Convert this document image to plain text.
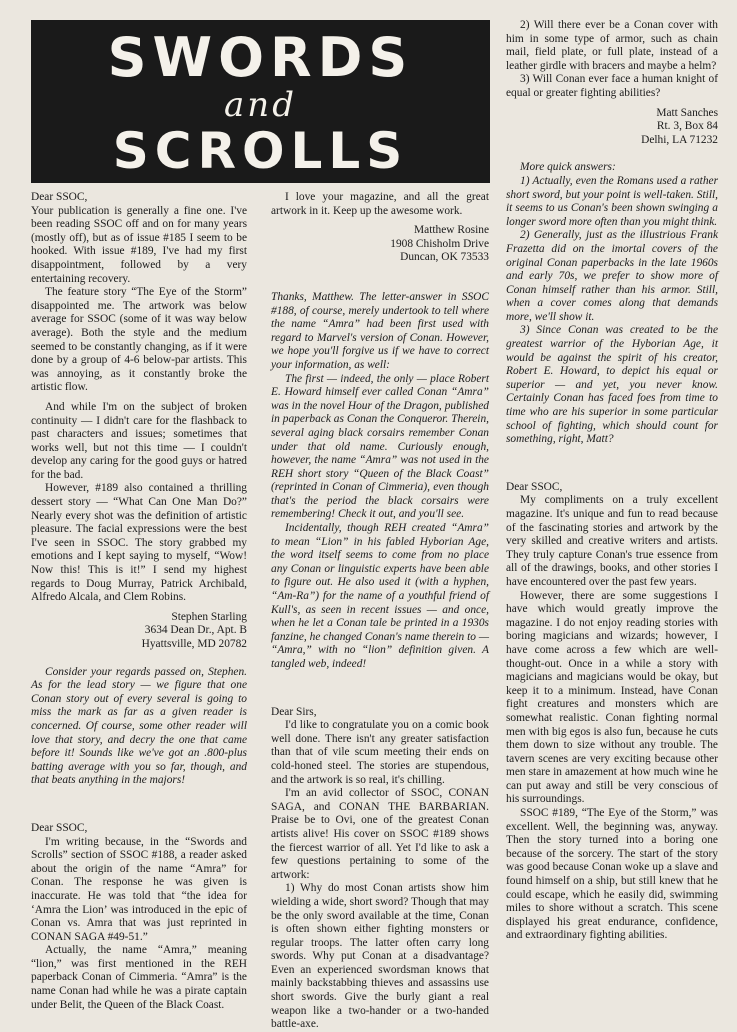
SWORDS
and
SCROLLS

Dear SSOC,

Your publication is generally a fine one. I've been reading SSOC off and on for many years (mostly off), but as of issue #185 I seem to be hooked. With issue #189, I've had my first disappointment, followed by a very entertaining recovery.

The feature story “The Eye of the Storm” disappointed me. The artwork was below average for SSOC (some of it was way below average). Both the style and the medium seemed to be constantly changing, as if it were done by a group of 4-6 below-par artists. This was annoying, as it constantly broke the artistic flow.

And while I'm on the subject of broken continuity — I didn't care for the flashback to past characters and issues; sometimes that works well, but not this time — I couldn't develop any caring for the good guys or hatred for the bad.

However, #189 also contained a thrilling dessert story — “What Can One Man Do?” Nearly every shot was the definition of artistic pleasure. The facial expressions were the best I've seen in SSOC. The story grabbed my emotions and I kept saying to myself, “Wow! Now this! This is it!” I send my highest regards to Doug Murray, Patrick Archibald, Alfredo Alcala, and Clem Robins.

Stephen Starling
3634 Dean Dr., Apt. B
Hyattsville, MD 20782

Consider your regards passed on, Stephen. As for the lead story — we figure that one Conan story out of every several is going to miss the mark as far as a given reader is concerned. Of course, some other reader will love that story, and decry the one that came before it! Sounds like we've got an .800-plus batting average with you so far, though, and that beats anything in the majors!

Dear SSOC,

I'm writing because, in the “Swords and Scrolls” section of SSOC #188, a reader asked about the origin of the name “Amra” for Conan. The response he was given is inaccurate. He was told that “the idea for ‘Amra the Lion’ was introduced in the epic of Conan vs. Amra that was just reprinted in CONAN SAGA #49-51.”

Actually, the name “Amra,” meaning “lion,” was first mentioned in the REH paperback Conan of Cimmeria. “Amra” is the name Conan had while he was a pirate captain under Belit, the Queen of the Black Coast.

I love your magazine, and all the great artwork in it. Keep up the awesome work.

Matthew Rosine
1908 Chisholm Drive
Duncan, OK 73533

Thanks, Matthew. The letter-answer in SSOC #188, of course, merely undertook to tell where the name “Amra” had been first used with regard to Marvel's version of Conan. However, we hope you'll forgive us if we have to correct your information, as well:

The first — indeed, the only — place Robert E. Howard himself ever called Conan “Amra” was in the novel Hour of the Dragon, published in paperback as Conan the Conqueror. Therein, several aging black corsairs remember Conan under that old name. Curiously enough, however, the name “Amra” was not used in the REH short story “Queen of the Black Coast” (reprinted in Conan of Cimmeria), even though that's the period the black corsairs were remembering! Check it out, and you'll see.

Incidentally, though REH created “Amra” to mean “Lion” in his fabled Hyborian Age, the word itself seems to come from no place any Conan or linguistic experts have been able to figure out. He also used it (with a hyphen, “Am-Ra”) for the name of a youthful friend of Kull's, as seen in recent issues — and once, when he let a Conan tale be printed in a 1930s fanzine, he changed Conan's name therein to — “Amra,” with no “lion” definition given. A tangled web, indeed!

Dear Sirs,

I'd like to congratulate you on a comic book well done. There isn't any greater satisfaction than that of vile scum meeting their ends on cold-honed steel. The stories are stupendous, and the artwork is so real, it's chilling.

I'm an avid collector of SSOC, CONAN SAGA, and CONAN THE BARBARIAN. Praise be to Ovi, one of the greatest Conan artists alive! His cover on SSOC #189 shows the fiercest warrior of all. Yet I'd like to ask a few questions pertaining to some of the artwork:

1) Why do most Conan artists show him wielding a wide, short sword? Though that may be the only sword available at the time, Conan is often shown either fighting monsters or regular troops. The latter often carry long swords. Why put Conan at a disadvantage? Even an experienced swordsman knows that mainly backstabbing thieves and assassins use short swords. Give the burly giant a real weapon like a two-hander or a two-handed battle-axe.

2) Will there ever be a Conan cover with him in some type of armor, such as chain mail, field plate, or full plate, instead of a leather girdle with bracers and maybe a helm?

3) Will Conan ever face a human knight of equal or greater fighting abilities?

Matt Sanches
Rt. 3, Box 84
Delhi, LA 71232

More quick answers:

1) Actually, even the Romans used a rather short sword, but your point is well-taken. Still, it seems to us Conan's been shown swinging a longer sword more often than you might think.

2) Generally, just as the illustrious Frank Frazetta did on the imortal covers of the original Conan paperbacks in the late 1960s and early 70s, we prefer to show more of Conan himself rather than his armor. Still, when a cover comes along that demands more, we'll show it.

3) Since Conan was created to be the greatest warrior of the Hyborian Age, it would be against the spirit of his creator, Robert E. Howard, to depict his equal or superior — and yet, you never know. Certainly Conan has faced foes from time to time who are his superior in some particular school of fighting, which should count for something, right, Matt?

Dear SSOC,

My compliments on a truly excellent magazine. It's unique and fun to read because of the fascinating stories and artwork by the very skilled and creative writers and artists. They truly capture Conan's true essence from all of the drawings, books, and other stories I have encountered over the past few years.

However, there are some suggestions I have which would greatly improve the magazine. I do not enjoy reading stories with boring magicians and wizards; however, I have come across a few which are well-thought-out. Once in a while a story with magicians and magicians would be okay, but keep it to a minimum. Instead, have Conan fight creatures and monsters which are somewhat realistic. Conan fighting normal men with big egos is also fun, because he cuts them down to size without any trouble. The tavern scenes are very exciting because other men stare in amazement at how much wine he can put away and still be very conscious of his surroundings.

SSOC #189, “The Eye of the Storm,” was excellent. Well, the beginning was, anyway. Then the story turned into a boring one because of the sorcery. The start of the story was good because Conan woke up a slave and found himself on a ship, but still knew that he could escape, which he easily did, swimming miles to shore without a scratch. This scene displayed his great endurance, confidence, and extraordinary fighting abilities.
